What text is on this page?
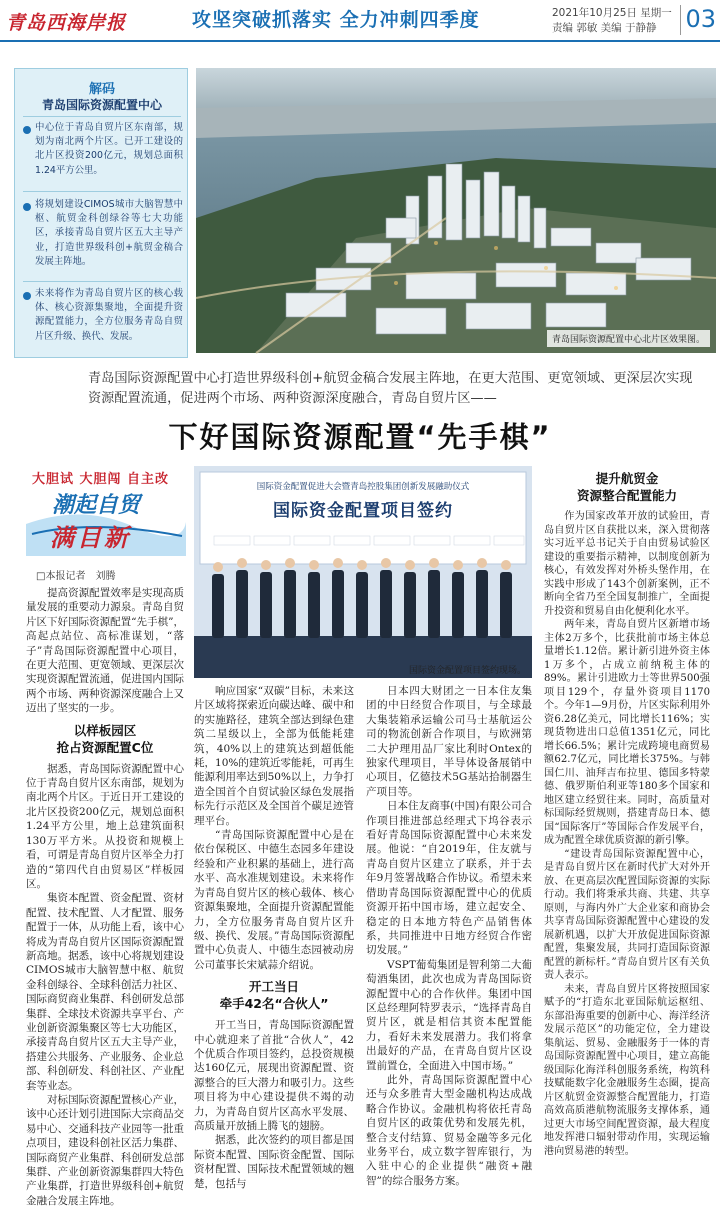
青岛西海岸报	攻坚突破抓落实 全力冲刺四季度	2021年10月25日 星期一
责编 郭敏 美编 于静静	03
解码
青岛国际资源配置中心

中心位于青岛自贸片区东南部，规划为南北两个片区。已开工建设的北片区投资200亿元，规划总面积1.24平方公里。

将规划建设CIMOS城市大脑智慧中枢、航贸金科创绿谷等七大功能区，承接青岛自贸片区五大主导产业，打造世界级科创+航贸金稿合发展主阵地。

未来将作为青岛自贸片区的核心载体、核心资源集聚地，全面提升资源配置能力，全方位服务青岛自贸片区升级、换代、发展。	青岛国际资源配置中心北片区效果图。

青岛国际资源配置中心打造世界级科创+航贸金稿合发展主阵地，在更大范围、更宽领域、更深层次实现资源配置流通，促进两个市场、两种资源深度融合，青岛自贸片区——

下好国际资源配置“先手棋”
大胆试 大胆闯 自主改
潮起自贸
满目新
□本报记者　刘腾

提高资源配置效率是实现高质量发展的重要动力源泉。青岛自贸片区下好国际资源配置“先手棋”，高起点站位、高标准谋划，“落子”青岛国际资源配置中心项目，在更大范围、更宽领域、更深层次实现资源配置流通，促进国内国际两个市场、两种资源深度融合上又迈出了坚实的一步。

以样板园区
抢占资源配置C位

据悉，青岛国际资源配置中心位于青岛自贸片区东南部，规划为南北两个片区。于近日开工建设的北片区投资200亿元，规划总面积1.24平方公里，地上总建筑面积130万平方米。从投资和规模上看，可谓是青岛自贸片区举全力打造的“第四代自由贸易区”样板园区。

集资本配置、资金配置、资材配置、技术配置、人才配置、服务配置于一体，从功能上看，该中心将成为青岛自贸片区国际资源配置新高地。据悉，该中心将规划建设CIMOS城市大脑智慧中枢、航贸金科创绿谷、全球科创活力社区、国际商贸商业集群、科创研发总部集群、全球技术资源共享平台、产业创新资源集聚区等七大功能区，承接青岛自贸片区五大主导产业，搭建公共服务、产业服务、企业总部、科创研发、科创社区、产业配套等业态。

对标国际资源配置核心产业，该中心还计划引进国际大宗商品交易中心、交通科技产业园等一批重点项目，建设科创社区活力集群、国际商贸产业集群、科创研发总部集群、产业创新资源集群四大特色产业集群，打造世界级科创+航贸金融合发展主阵地。

国际资金配置促进大会暨青岛控股集团创新发展融助仪式
国际资金配置项目签约
国际资金配置项目签约现场。

响应国家“双碳”目标，未来这片区域将探索近向碳达峰、碳中和的实施路径，建筑全部达到绿色建筑二星级以上，全部为低能耗建筑，40%以上的建筑达到超低能耗，10%的建筑近零能耗，可再生能源利用率达到50%以上，力争打造全国首个自贸试验区绿色发展指标先行示范区及全国首个碳足迹管理平台。

“青岛国际资源配置中心是在依台保税区、中德生态园多年建设经验和产业积累的基础上，进行高水平、高水准规划建设。未来将作为青岛自贸片区的核心载体、核心资源集聚地，全面提升资源配置能力，全方位服务青岛自贸片区升级、换代、发展。”青岛国际资源配置中心负责人、中德生态园被动房公司董事长宋斌蒜介绍说。

开工当日
牵手42名“合伙人”

开工当日，青岛国际资源配置中心就迎来了首批“合伙人”，42个优质合作项目签约，总投资规模达160亿元，展现出资源配置、资源整合的巨大潜力和吸引力。这些项目将为中心建设提供不竭的动力，为青岛自贸片区高水平发展、高质量开放插上腾飞的翅膀。

据悉，此次签约的项目都是国际资本配置、国际资金配置、国际资材配置、国际技术配置领域的翘楚，包括与

日本四大财团之一日本住友集团的中日经贸合作项目，与全球最大集装箱承运输公司马士基航运公司的物流创新合作项目，与欧洲第二大护理用品厂家比利时Ontex的独家代理项目，半导体设备展销中心项目，亿德技术5G基站拾制器生产项目等。

日本住友商事(中国)有限公司合作项目推进部总经理式下坞谷表示看好青岛国际资源配置中心未来发展。他说：“自2019年，住友就与青岛自贸片区建立了联系，并于去年9月签署战略合作协议。希望未来借助青岛国际资源配置中心的优质资源开拓中国市场，建立起安全、稳定的日本地方特色产品销售体系，共同推进中日地方经贸合作密切发展。”

VSPT葡萄集团是智利第二大葡萄酒集团，此次也成为青岛国际资源配置中心的合作伙伴。集团中国区总经理阿特罗表示，“选择青岛自贸片区，就是相信其资本配置能力，看好未来发展潜力。我们将拿出最好的产品，在青岛自贸片区设置前置仓，全面进入中国市场。”

此外，青岛国际资源配置中心还与众多胜青大型金融机构达成战略合作协议。金融机构将依托青岛自贸片区的政策优势和发展先机，整合支付结算、贸易金融等多元化业务平台，成立数字智库银行，为入驻中心的企业提供“融资+融智”的综合服务方案。

提升航贸金
资源整合配置能力

作为国家改革开放的试验田，青岛自贸片区自获批以来，深入贯彻落实习近平总书记关于自由贸易试验区建设的重要指示精神，以制度创新为核心，有效发挥对外桥头堡作用，在实践中形成了143个创新案例，正不断向全省乃至全国复制推广，全面提升投资和贸易自由化便利化水平。

两年来，青岛自贸片区新增市场主体2万多个，比获批前市场主体总量增长1.12倍。累计新引进外资主体1万多个，占成立前纳税主体的89%。累计引进欧力士等世界500强项目129个，存量外资项目1170个。今年1—9月份，片区实际利用外资6.28亿美元，同比增长116%；实现货物进出口总值1351亿元，同比增长66.5%；累计完成跨境电商贸易额62.7亿元，同比增长375%。与韩国仁川、油拜吉布拉里、德国多特蒙德、俄罗斯伯利亚等180多个国家和地区建立经贸往来。同时，高质量对标国际经贸规则，搭建青岛日本、德国“国际客厅”等国际合作发展平台，成为配置全球优质资源的新引擎。

“建设青岛国际资源配置中心，是青岛自贸片区在新时代扩大对外开放、在更高层次配置国际资源的实际行动。我们将秉承共商、共建、共享原则，与海内外广大企业家和商协会共享青岛国际资源配置中心建设的发展新机遇，以扩大开放促进国际资源配置，集聚发展，共同打造国际资源配置的新标杆。”青岛自贸片区有关负责人表示。

未来，青岛自贸片区将按照国家赋予的“打造东北亚国际航运枢纽、东部沿海重要的创新中心、海洋经济发展示范区”的功能定位，全力建设集航运、贸易、金融服务于一体的青岛国际资源配置中心项目，建立高能级国际化海洋科创服务系统，构筑科技赋能数字化金融服务生态圈，提高片区航贸金资源整合配置能力，打造高效高质港航物流服务支撑体系，通过更大市场空间配置资源，最大程度地发挥港口辐射带动作用，实现运输港向贸易港的转型。
